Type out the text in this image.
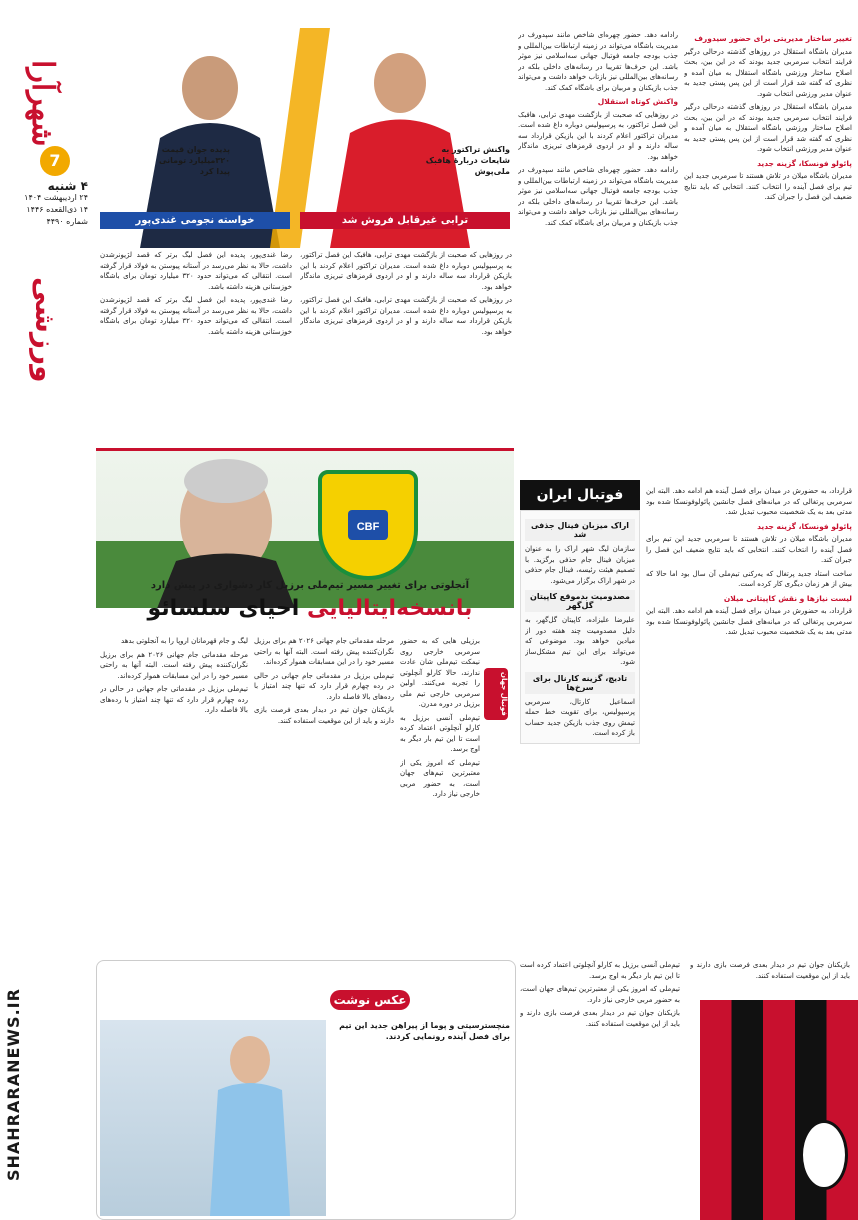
شهرآرا
7
۴ شنبه
۲۴ اردیبهشت ۱۴۰۴
۱۴ ذی‌القعده ۱۴۴۶
شماره ۴۴۹۰
ورزشی
خواسته نجومی غندی‌پور	ترابی غیرقابل فروش شد
پدیده جوان قیمت ۳۲۰میلیارد تومانی پیدا کرد
واکنش تراکتور به شایعات دربارهٔ هافبک ملی‌پوش
تغییر ساختار مدیریتی برای حضور سیدورف

مدیران باشگاه استقلال در روزهای گذشته درحالی درگیر فرایند انتخاب سرمربی جدید بودند که در این بین، بحث اصلاح ساختار ورزشی باشگاه استقلال به میان آمده و نظری که گفته شد قرار است از این پس پستی جدید به عنوان مدیر ورزشی انتخاب شود.

مدیران باشگاه استقلال در روزهای گذشته درحالی درگیر فرایند انتخاب سرمربی جدید بودند که در این بین، بحث اصلاح ساختار ورزشی باشگاه استقلال به میان آمده و نظری که گفته شد قرار است از این پس پستی جدید به عنوان مدیر ورزشی انتخاب شود.

پائولو فونسکا، گزینه جدید

مدیران باشگاه میلان در تلاش هستند تا سرمربی جدید این تیم برای فصل آینده را انتخاب کنند. انتخابی که باید نتایج ضعیف این فصل را جبران کند.

رادامه دهد. حضور چهره‌ای شاخص مانند سپدورف در مدیریت باشگاه می‌تواند در زمینه ارتباطات بین‌المللی و جذب بودجه جامعه فوتبال جهانی سه‌اسلامی نیز موثر باشد. این حرف‌ها تقریبا در رسانه‌های داخلی بلکه در رسانه‌های بین‌المللی نیز بازتاب خواهد داشت و می‌تواند جذب بازیکنان و مربیان برای باشگاه کمک کند.

واکنش کوتاه استقلال

در روزهایی که صحبت از بازگشت مهدی ترابی، هافبک این فصل تراکتور، به پرسپولیس دوباره داغ شده است. مدیران تراکتور اعلام کردند با این بازیکن قرارداد سه ساله دارند و او در اردوی قرمزهای تبریزی ماندگار خواهد بود.

رادامه دهد. حضور چهره‌ای شاخص مانند سپدورف در مدیریت باشگاه می‌تواند در زمینه ارتباطات بین‌المللی و جذب بودجه جامعه فوتبال جهانی سه‌اسلامی نیز موثر باشد. این حرف‌ها تقریبا در رسانه‌های داخلی بلکه در رسانه‌های بین‌المللی نیز بازتاب خواهد داشت و می‌تواند جذب بازیکنان و مربیان برای باشگاه کمک کند.

در روزهایی که صحبت از بازگشت مهدی ترابی، هافبک این فصل تراکتور، به پرسپولیس دوباره داغ شده است. مدیران تراکتور اعلام کردند با این بازیکن قرارداد سه ساله دارند و او در اردوی قرمزهای تبریزی ماندگار خواهد بود.

در روزهایی که صحبت از بازگشت مهدی ترابی، هافبک این فصل تراکتور، به پرسپولیس دوباره داغ شده است. مدیران تراکتور اعلام کردند با این بازیکن قرارداد سه ساله دارند و او در اردوی قرمزهای تبریزی ماندگار خواهد بود.

رضا غندی‌پور، پدیده این فصل لیگ برتر که قصد لژیونرشدن داشت، حالا به نظر می‌رسد در آستانه پیوستن به فولاد قرار گرفته است. انتقالی که می‌تواند حدود ۳۲۰ میلیارد تومان برای باشگاه خوزستانی هزینه داشته باشد.

رضا غندی‌پور، پدیده این فصل لیگ برتر که قصد لژیونرشدن داشت، حالا به نظر می‌رسد در آستانه پیوستن به فولاد قرار گرفته است. انتقالی که می‌تواند حدود ۳۲۰ میلیارد تومان برای باشگاه خوزستانی هزینه داشته باشد.

CBF
آنجلوتی برای تغییر مسیر تیم‌ملی برزیل کار دشواری در پیش دارد
بانسخه‌ایتالیایی احیای سلسائو
فوتبال جهان

برزیلی هایی که به حضور سرمربی خارجی روی نیمکت تیم‌ملی شان عادت ندارند، حالا کارلو آنچلوتی را تجربه می‌کنند. اولین سرمربی خارجی تیم ملی برزیل در دوره مدرن.

تیم‌ملی آنسی برزیل به کارلو آنچلوتی اعتماد کرده است تا این تیم بار دیگر به اوج برسد.

تیم‌ملی که امروز یکی از معتبرترین تیم‌های جهان است، به حضور مربی خارجی نیاز دارد.

مرحله مقدماتی جام جهانی ۲۰۲۶ هم برای برزیل نگران‌کننده پیش رفته است. البته آنها به راحتی مسیر خود را در این مسابقات هموار کرده‌اند.

تیم‌ملی برزیل در مقدماتی جام جهانی در حالی در رده چهارم قرار دارد که تنها چند امتیاز با رده‌های بالا فاصله دارد.

بازیکنان جوان تیم در دیدار بعدی فرصت بازی دارند و باید از این موقعیت استفاده کنند.

لیگ و جام قهرمانان اروپا را به آنجلوتی بدهد

مرحله مقدماتی جام جهانی ۲۰۲۶ هم برای برزیل نگران‌کننده پیش رفته است. البته آنها به راحتی مسیر خود را در این مسابقات هموار کرده‌اند.

تیم‌ملی برزیل در مقدماتی جام جهانی در حالی در رده چهارم قرار دارد که تنها چند امتیاز با رده‌های بالا فاصله دارد.

فوتبال ایران
اراک میزبان فینال جذفی شد
سازمان لیگ شهر اراک را به عنوان میزبان فینال جام حذفی برگزید. با تصمیم هیئت رئیسه، فینال جام حذفی در شهر اراک برگزار می‌شود.
مصدومیت بدموقع کاپیتان گل‌گهر
علیرضا علیزاده، کاپیتان گل‌گهر، به دلیل مصدومیت چند هفته دور از میادین خواهد بود. موضوعی که می‌تواند برای این تیم مشکل‌ساز شود.
تادیچ، گزینه کارنال برای سرخ‌ها
اسماعیل کارتال، سرمربی پرسپولیس، برای تقویت خط حمله تیمش روی جذب بازیکن جدید حساب باز کرده است.

قرارداد، به حضورش در میدان برای فصل آینده هم ادامه دهد. البته این سرمربی پرتغالی که در میانه‌های فصل جانشین پائولوفونسکا شده بود مدتی بعد به یک شخصیت محبوب تبدیل شد.

پائولو فونسکا، گزینه جدید

مدیران باشگاه میلان در تلاش هستند تا سرمربی جدید این تیم برای فصل آینده را انتخاب کنند. انتخابی که باید نتایج ضعیف این فصل را جبران کند.

ساخت استاد جدید پرتغال که یه‌رکنی تیم‌ملی آن سال بود اما حالا که بیش از هر زمان دیگری کار کرده است.

لیست نیازها و نقش کاپیتانی میلان

قرارداد، به حضورش در میدان برای فصل آینده هم ادامه دهد. البته این سرمربی پرتغالی که در میانه‌های فصل جانشین پائولوفونسکا شده بود مدتی بعد به یک شخصیت محبوب تبدیل شد.

عکس نوشت
منچستر‌سیتی و پوما از پیراهن جدید این تیم برای فصل آینده رونمایی کردند.

تیم‌ملی آنسی برزیل به کارلو آنچلوتی اعتماد کرده است تا این تیم بار دیگر به اوج برسد.

تیم‌ملی که امروز یکی از معتبرترین تیم‌های جهان است، به حضور مربی خارجی نیاز دارد.

بازیکنان جوان تیم در دیدار بعدی فرصت بازی دارند و باید از این موقعیت استفاده کنند.

بازیکنان جوان تیم در دیدار بعدی فرصت بازی دارند و باید از این موقعیت استفاده کنند.

SHAHRARANEWS.IR
